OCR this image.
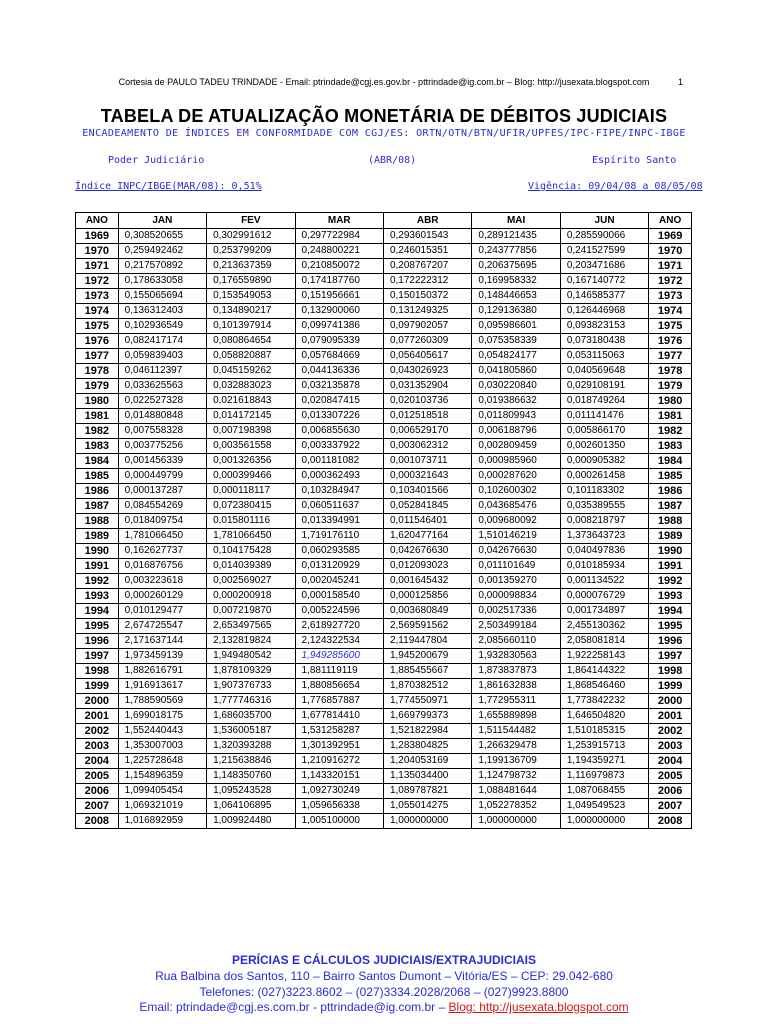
Cortesia de PAULO TADEU TRINDADE - Email: ptrindade@cgj.es.gov.br - pttrindade@ig.com.br – Blog: http://jusexata.blogspot.com	1
TABELA DE ATUALIZAÇÃO MONETÁRIA DE DÉBITOS JUDICIAIS
ENCADEAMENTO DE ÍNDICES EM CONFORMIDADE COM CGJ/ES: ORTN/OTN/BTN/UFIR/UPFES/IPC-FIPE/INPC-IBGE
Poder Judiciário	(ABR/08)	Espírito Santo
Índice INPC/IBGE(MAR/08): 0,51%	Vigência: 09/04/08 a 08/05/08
ANO	JAN	FEV	MAR	ABR	MAI	JUN	ANO
1969	0,308520655	0,302991612	0,297722984	0,293601543	0,289121435	0,285590066	1969
1970	0,259492462	0,253799209	0,248800221	0,246015351	0,243777856	0,241527599	1970
1971	0,217570892	0,213637359	0,210850072	0,208767207	0,206375695	0,203471686	1971
1972	0,178633058	0,176559890	0,174187760	0,172222312	0,169958332	0,167140772	1972
1973	0,155065694	0,153549053	0,151956661	0,150150372	0,148446653	0,146585377	1973
1974	0,136312403	0,134890217	0,132900060	0,131249325	0,129136380	0,126446968	1974
1975	0,102936549	0,101397914	0,099741386	0,097902057	0,095986601	0,093823153	1975
1976	0,082417174	0,080864654	0,079095339	0,077260309	0,075358339	0,073180438	1976
1977	0,059839403	0,058820887	0,057684669	0,056405617	0,054824177	0,053115063	1977
1978	0,046112397	0,045159262	0,044136336	0,043026923	0,041805860	0,040569648	1978
1979	0,033625563	0,032883023	0,032135878	0,031352904	0,030220840	0,029108191	1979
1980	0,022527328	0,021618843	0,020847415	0,020103736	0,019386632	0,018749264	1980
1981	0,014880848	0,014172145	0,013307226	0,012518518	0,011809943	0,011141476	1981
1982	0,007558328	0,007198398	0,006855630	0,006529170	0,006188796	0,005866170	1982
1983	0,003775256	0,003561558	0,003337922	0,003062312	0,002809459	0,002601350	1983
1984	0,001456339	0,001326356	0,001181082	0,001073711	0,000985960	0,000905382	1984
1985	0,000449799	0,000399466	0,000362493	0,000321643	0,000287620	0,000261458	1985
1986	0,000137287	0,000118117	0,103284947	0,103401566	0,102600302	0,101183302	1986
1987	0,084554269	0,072380415	0,060511637	0,052841845	0,043685476	0,035389555	1987
1988	0,018409754	0,015801116	0,013394991	0,011546401	0,009680092	0,008218797	1988
1989	1,781066450	1,781066450	1,719176110	1,620477164	1,510146219	1,373643723	1989
1990	0,162627737	0,104175428	0,060293585	0,042676630	0,042676630	0,040497836	1990
1991	0,016876756	0,014039389	0,013120929	0,012093023	0,011101649	0,010185934	1991
1992	0,003223618	0,002569027	0,002045241	0,001645432	0,001359270	0,001134522	1992
1993	0,000260129	0,000200918	0,000158540	0,000125856	0,000098834	0,000076729	1993
1994	0,010129477	0,007219870	0,005224596	0,003680849	0,002517336	0,001734897	1994
1995	2,674725547	2,653497565	2,618927720	2,569591562	2,503499184	2,455130362	1995
1996	2,171637144	2,132819824	2,124322534	2,119447804	2,085660110	2,058081814	1996
1997	1,973459139	1,949480542	1,949285600	1,945200679	1,932830563	1,922258143	1997
1998	1,882616791	1,878109329	1,881119119	1,885455667	1,873837873	1,864144322	1998
1999	1,916913617	1,907376733	1,880856654	1,870382512	1,861632838	1,868546460	1999
2000	1,788590569	1,777746316	1,776857887	1,774550971	1,772955311	1,773842232	2000
2001	1,699018175	1,686035700	1,677814410	1,669799373	1,655889898	1,646504820	2001
2002	1,552440443	1,536005187	1,531258287	1,521822984	1,511544482	1,510185315	2002
2003	1,353007003	1,320393288	1,301392951	1,283804825	1,266329478	1,253915713	2003
2004	1,225728648	1,215638846	1,210916272	1,204053169	1,199136709	1,194359271	2004
2005	1,154896359	1,148350760	1,143320151	1,135034400	1,124798732	1,116979873	2005
2006	1,099405454	1,095243528	1,092730249	1,089787821	1,088481644	1,087068455	2006
2007	1,069321019	1,064106895	1,059656338	1,055014275	1,052278352	1,049549523	2007
2008	1,016892959	1,009924480	1,005100000	1,000000000	1,000000000	1,000000000	2008
PERÍCIAS E CÁLCULOS JUDICIAIS/EXTRAJUDICIAIS
Rua Balbina dos Santos, 110 – Bairro Santos Dumont – Vitória/ES – CEP: 29.042-680
Telefones: (027)3223.8602 – (027)3334.2028/2068 – (027)9923.8800
Email: ptrindade@cgj.es.com.br - pttrindade@ig.com.br – Blog: http://jusexata.blogspot.com
